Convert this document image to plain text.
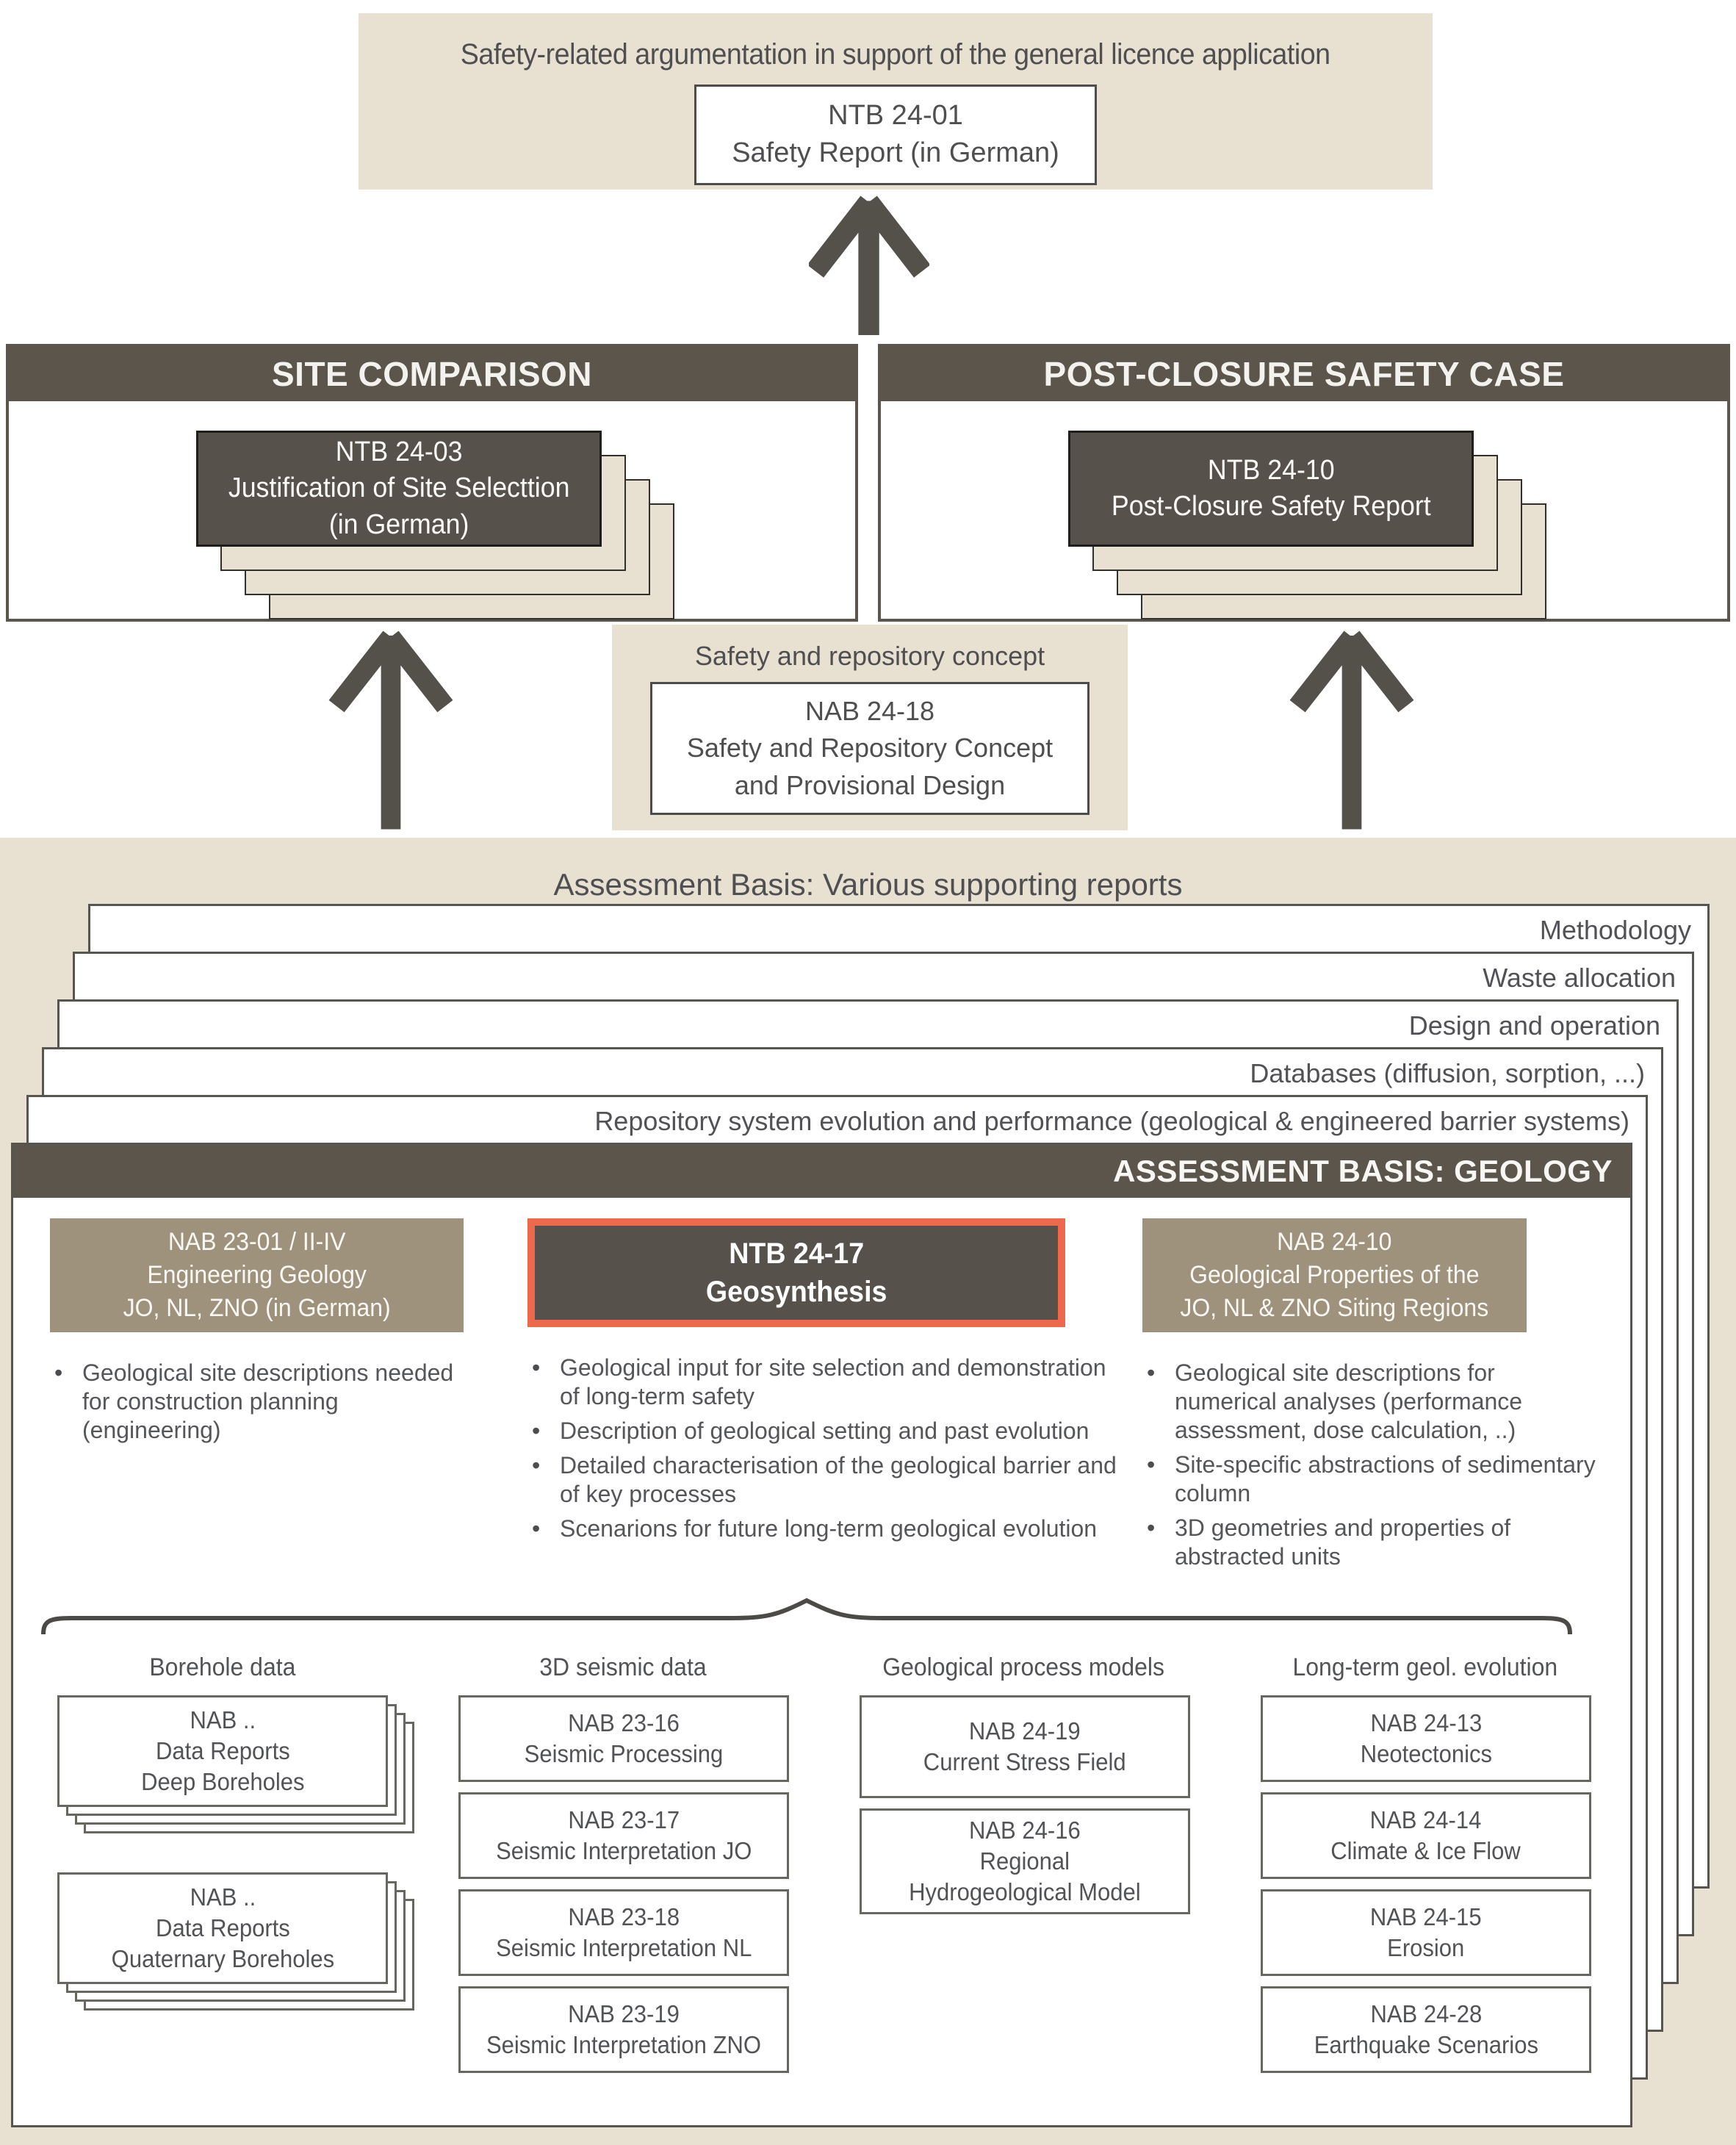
Safety-related argumentation in support of the general licence application
NTB 24-01
Safety Report (in German)
SITE COMPARISON
NTB 24-03
Justification of Site Selecttion
(in German)
POST-CLOSURE SAFETY CASE
NTB 24-10
Post-Closure Safety Report
Safety and repository concept
NAB 24-18
Safety and Repository Concept
and Provisional Design
Assessment Basis: Various supporting reports
Methodology
Waste allocation
Design and operation
Databases (diffusion, sorption, ...)
Repository system evolution and performance (geological & engineered barrier systems)
ASSESSMENT BASIS: GEOLOGY
NAB 23-01 / II-IV
Engineering Geology
JO, NL, ZNO (in German)
• Geological site descriptions needed for construction planning (engineering)
NTB 24-17
Geosynthesis
• Geological input for site selection and demonstration of long-term safety
• Description of geological setting and past evolution
• Detailed characterisation of the geological barrier and of key processes
• Scenarions for future long-term geological evolution
NAB 24-10
Geological Properties of the
JO, NL & ZNO Siting Regions
• Geological site descriptions for numerical analyses (performance assessment, dose calculation, ..)
• Site-specific abstractions of sedimentary column
• 3D geometries and properties of abstracted units
Borehole data	3D seismic data	Geological process models	Long-term geol. evolution
NAB ..
Data Reports
Deep Boreholes
NAB ..
Data Reports
Quaternary Boreholes
NAB 23-16
Seismic Processing
NAB 23-17
Seismic Interpretation JO
NAB 23-18
Seismic Interpretation NL
NAB 23-19
Seismic Interpretation ZNO
NAB 24-19
Current Stress Field
NAB 24-16
Regional
Hydrogeological Model
NAB 24-13
Neotectonics
NAB 24-14
Climate & Ice Flow
NAB 24-15
Erosion
NAB 24-28
Earthquake Scenarios
